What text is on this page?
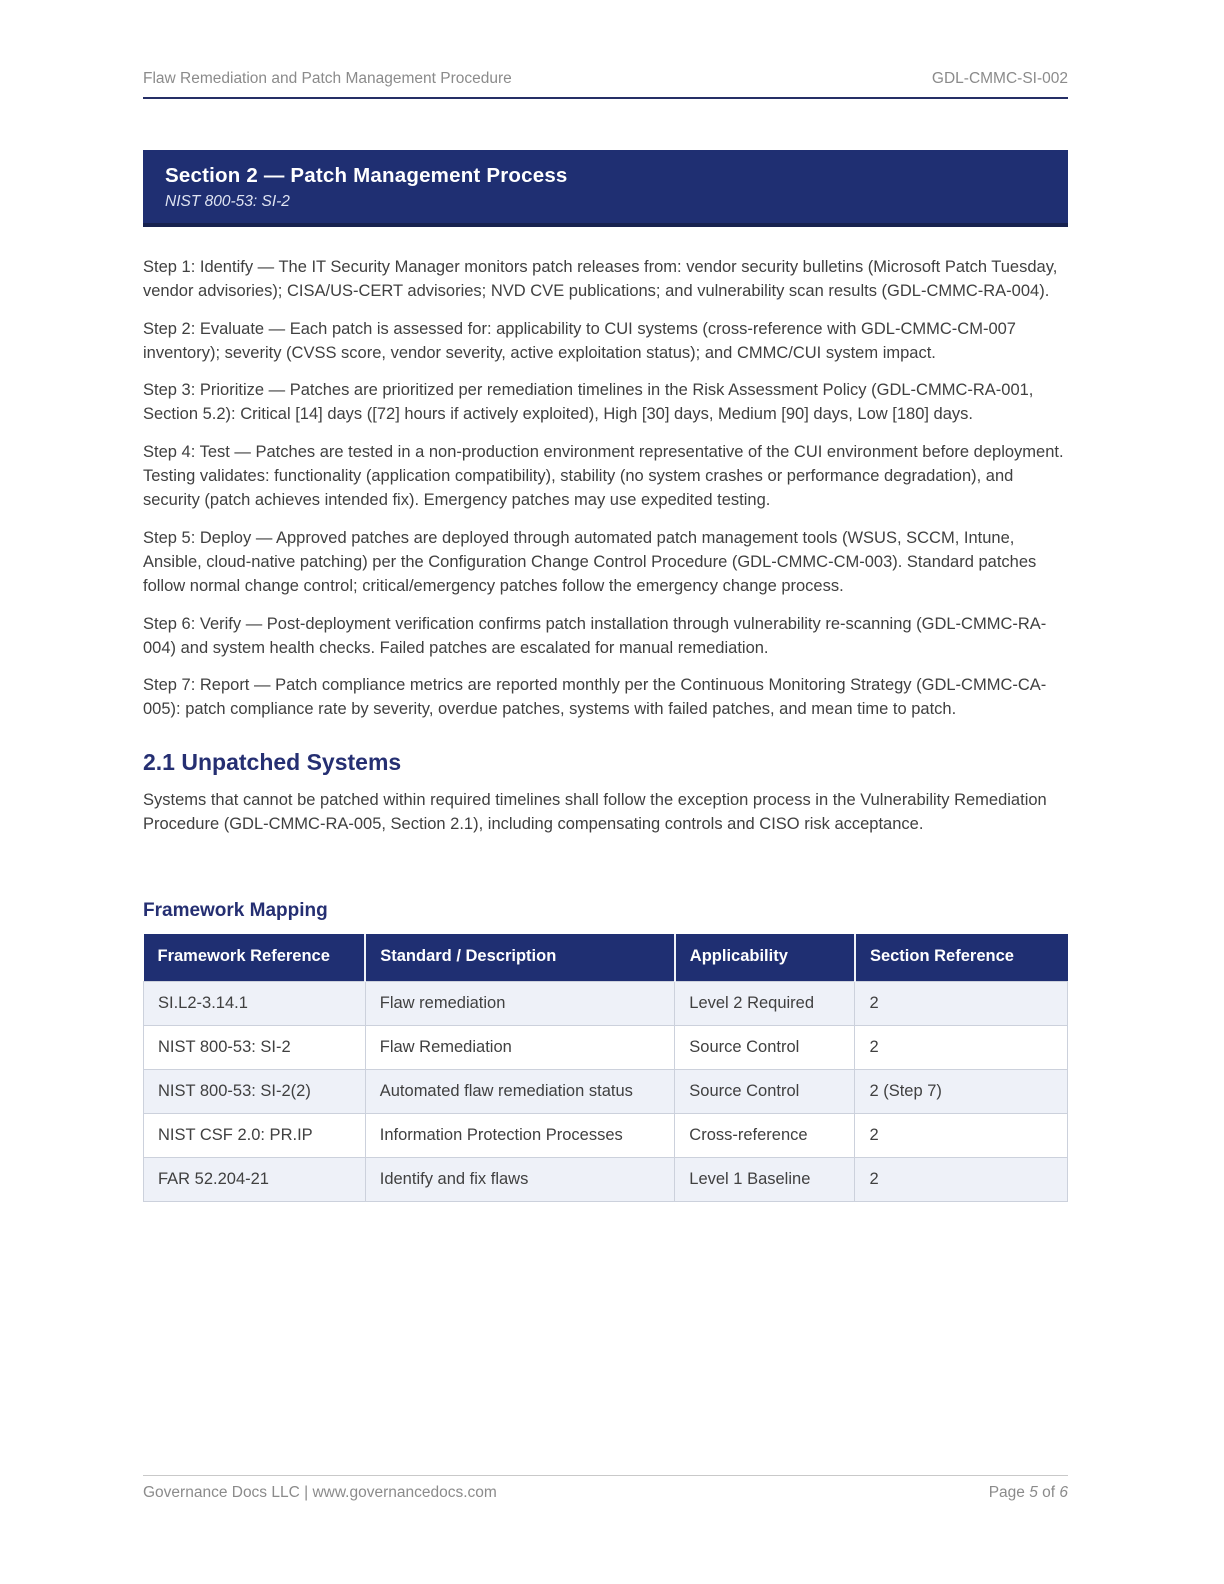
Flaw Remediation and Patch Management Procedure	GDL-CMMC-SI-002
Section 2 — Patch Management Process
NIST 800-53: SI-2

Step 1: Identify — The IT Security Manager monitors patch releases from: vendor security bulletins (Microsoft Patch Tuesday, vendor advisories); CISA/US-CERT advisories; NVD CVE publications; and vulnerability scan results (GDL-CMMC-RA-004).

Step 2: Evaluate — Each patch is assessed for: applicability to CUI systems (cross-reference with GDL-CMMC-CM-007 inventory); severity (CVSS score, vendor severity, active exploitation status); and CMMC/CUI system impact.

Step 3: Prioritize — Patches are prioritized per remediation timelines in the Risk Assessment Policy (GDL-CMMC-RA-001, Section 5.2): Critical [14] days ([72] hours if actively exploited), High [30] days, Medium [90] days, Low [180] days.

Step 4: Test — Patches are tested in a non-production environment representative of the CUI environment before deployment. Testing validates: functionality (application compatibility), stability (no system crashes or performance degradation), and security (patch achieves intended fix). Emergency patches may use expedited testing.

Step 5: Deploy — Approved patches are deployed through automated patch management tools (WSUS, SCCM, Intune, Ansible, cloud-native patching) per the Configuration Change Control Procedure (GDL-CMMC-CM-003). Standard patches follow normal change control; critical/emergency patches follow the emergency change process.

Step 6: Verify — Post-deployment verification confirms patch installation through vulnerability re-scanning (GDL-CMMC-RA-004) and system health checks. Failed patches are escalated for manual remediation.

Step 7: Report — Patch compliance metrics are reported monthly per the Continuous Monitoring Strategy (GDL-CMMC-CA-005): patch compliance rate by severity, overdue patches, systems with failed patches, and mean time to patch.

2.1 Unpatched Systems

Systems that cannot be patched within required timelines shall follow the exception process in the Vulnerability Remediation Procedure (GDL-CMMC-RA-005, Section 2.1), including compensating controls and CISO risk acceptance.

Framework Mapping
Framework Reference	Standard / Description	Applicability	Section Reference
SI.L2-3.14.1	Flaw remediation	Level 2 Required	2
NIST 800-53: SI-2	Flaw Remediation	Source Control	2
NIST 800-53: SI-2(2)	Automated flaw remediation status	Source Control	2 (Step 7)
NIST CSF 2.0: PR.IP	Information Protection Processes	Cross-reference	2
FAR 52.204-21	Identify and fix flaws	Level 1 Baseline	2
Governance Docs LLC | www.governancedocs.com	Page 5 of 6
